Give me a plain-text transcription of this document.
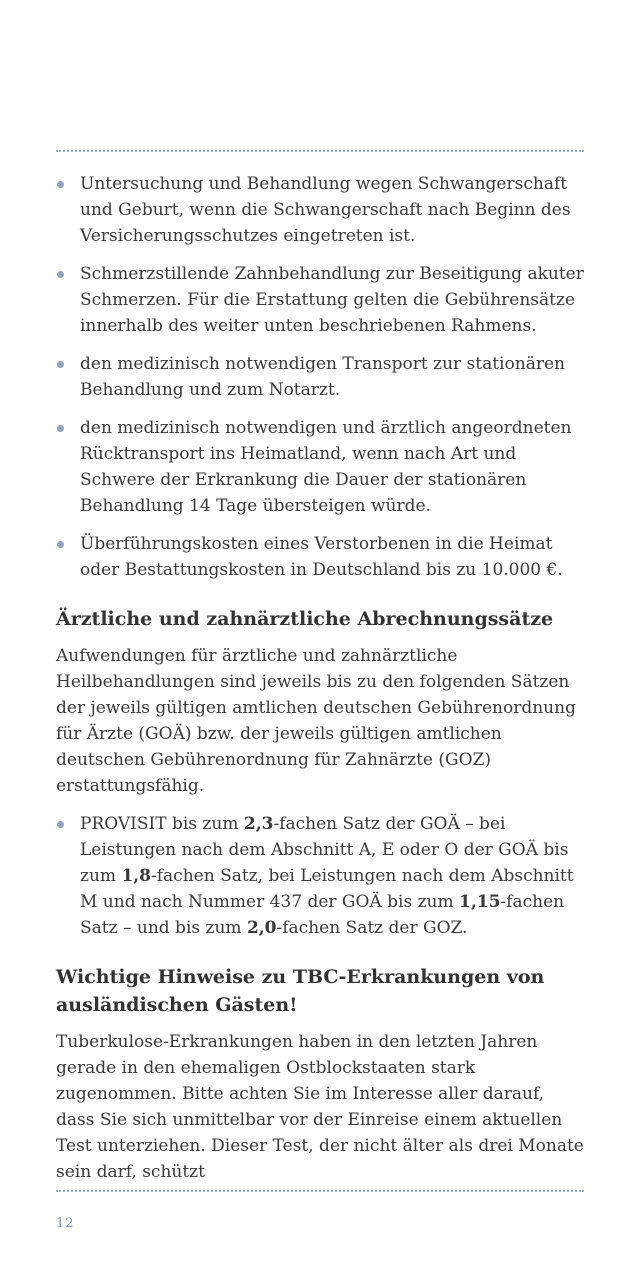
Untersuchung und Behandlung wegen Schwangerschaft und Geburt, wenn die Schwangerschaft nach Beginn des Versicherungsschutzes eingetreten ist.
Schmerzstillende Zahnbehandlung zur Beseitigung akuter Schmerzen. Für die Erstattung gelten die Gebührensätze innerhalb des weiter unten beschriebenen Rahmens.
den medizinisch notwendigen Transport zur stationären Behandlung und zum Notarzt.
den medizinisch notwendigen und ärztlich angeordneten Rücktransport ins Heimatland, wenn nach Art und Schwere der Erkrankung die Dauer der stationären Behandlung 14 Tage übersteigen würde.
Überführungskosten eines Verstorbenen in die Heimat oder Bestattungskosten in Deutschland bis zu 10.000 €.
Ärztliche und zahnärztliche Abrechnungssätze

Aufwendungen für ärztliche und zahnärztliche Heilbehandlungen sind jeweils bis zu den folgenden Sätzen der jeweils gültigen amtlichen deutschen Gebührenordnung für Ärzte (GOÄ) bzw. der jeweils gültigen amtlichen deutschen Gebührenordnung für Zahnärzte (GOZ) erstattungsfähig.

PROVISIT bis zum 2,3-fachen Satz der GOÄ – bei Leistungen nach dem Abschnitt A, E oder O der GOÄ bis zum 1,8-fachen Satz, bei Leistungen nach dem Abschnitt M und nach Nummer 437 der GOÄ bis zum 1,15-fachen Satz – und bis zum 2,0-fachen Satz der GOZ.
Wichtige Hinweise zu TBC-Erkrankungen von ausländischen Gästen!

Tuberkulose-Erkrankungen haben in den letzten Jahren gerade in den ehemaligen Ostblockstaaten stark zugenommen. Bitte achten Sie im Interesse aller darauf, dass Sie sich unmittelbar vor der Einreise einem aktuellen Test unterziehen. Dieser Test, der nicht älter als drei Monate sein darf, schützt

12
